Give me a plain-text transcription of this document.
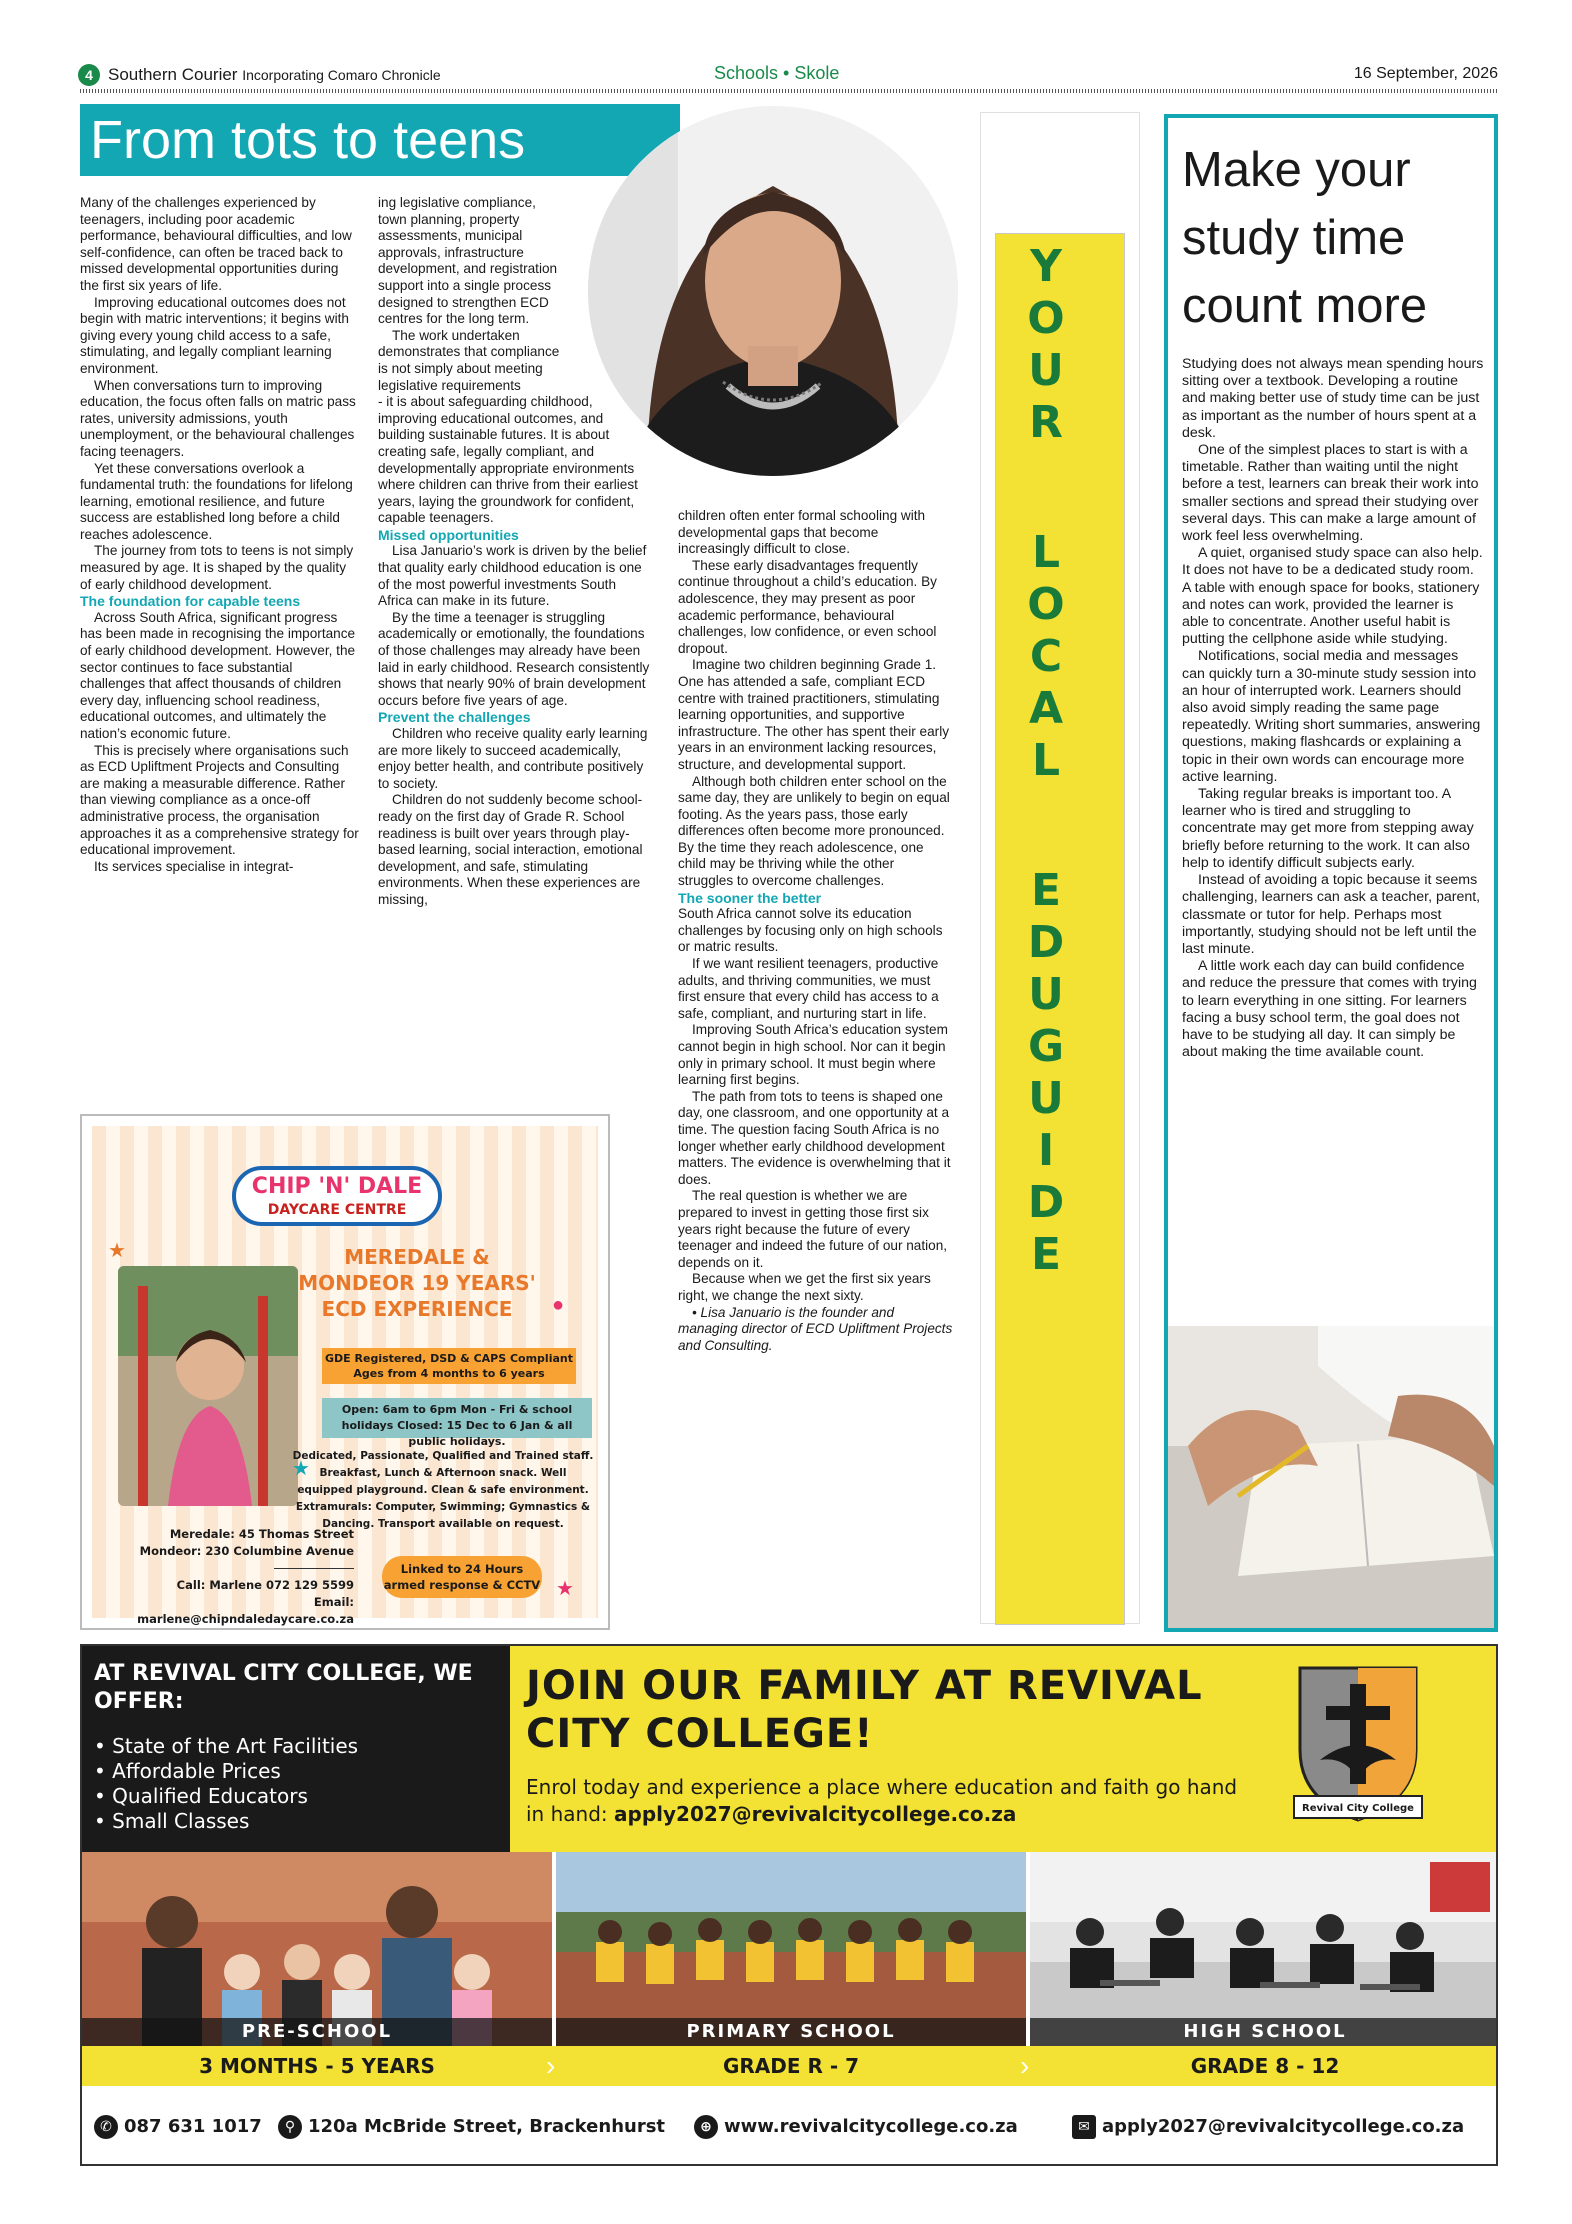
4 Southern Courier Incorporating Comaro Chronicle	Schools • Skole	16 September, 2026
From tots to teens

Many of the challenges experienced by teenagers, including poor academic performance, behavioural difficulties, and low self-confidence, can often be traced back to missed developmental opportunities during the first six years of life.

Improving educational outcomes does not begin with matric interventions; it begins with giving every young child access to a safe, stimulating, and legally compliant learning environment.

When conversations turn to improving education, the focus often falls on matric pass rates, university admissions, youth unemployment, or the behavioural challenges facing teenagers.

Yet these conversations overlook a fundamental truth: the foundations for lifelong learning, emotional resilience, and future success are established long before a child reaches adolescence.

The journey from tots to teens is not simply measured by age. It is shaped by the quality of early childhood development.

The foundation for capable teens

Across South Africa, significant progress has been made in recognising the importance of early childhood development. However, the sector continues to face substantial challenges that affect thousands of children every day, influencing school readiness, educational outcomes, and ultimately the nation’s economic future.

This is precisely where organisations such as ECD Upliftment Projects and Consulting are making a measurable difference. Rather than viewing compliance as a once-off administrative process, the organisation approaches it as a comprehensive strategy for educational improvement.

Its services specialise in integrat-

ing legislative compliance, town planning, property assessments, municipal approvals, infrastructure development, and registration support into a single process designed to strengthen ECD centres for the long term.

The work undertaken demonstrates that compliance is not simply about meeting legislative requirements

- it is about safeguarding childhood, improving educational outcomes, and building sustainable futures. It is about creating safe, legally compliant, and developmentally appropriate environments where children can thrive from their earliest years, laying the groundwork for confident, capable teenagers.

Missed opportunities

Lisa Januario’s work is driven by the belief that quality early childhood education is one of the most powerful investments South Africa can make in its future.

By the time a teenager is struggling academically or emotionally, the foundations of those challenges may already have been laid in early childhood. Research consistently shows that nearly 90% of brain development occurs before five years of age.

Prevent the challenges

Children who receive quality early learning are more likely to succeed academically, enjoy better health, and contribute positively to society.

Children do not suddenly become school-ready on the first day of Grade R. School readiness is built over years through play-based learning, social interaction, emotional development, and safe, stimulating environments. When these experiences are missing,

children often enter formal schooling with developmental gaps that become increasingly difficult to close.

These early disadvantages frequently continue throughout a child’s education. By adolescence, they may present as poor academic performance, behavioural challenges, low confidence, or even school dropout.

Imagine two children beginning Grade 1. One has attended a safe, compliant ECD centre with trained practitioners, stimulating learning opportunities, and supportive infrastructure. The other has spent their early years in an environment lacking resources, structure, and developmental support.

Although both children enter school on the same day, they are unlikely to begin on equal footing. As the years pass, those early differences often become more pronounced. By the time they reach adolescence, one child may be thriving while the other struggles to overcome challenges.

The sooner the better

South Africa cannot solve its education challenges by focusing only on high schools or matric results.

If we want resilient teenagers, productive adults, and thriving communities, we must first ensure that every child has access to a safe, compliant, and nurturing start in life.

Improving South Africa’s education system cannot begin in high school. Nor can it begin only in primary school. It must begin where learning first begins.

The path from tots to teens is shaped one day, one classroom, and one opportunity at a time. The question facing South Africa is no longer whether early childhood development matters. The evidence is overwhelming that it does.

The real question is whether we are prepared to invest in getting those first six years right because the future of every teenager and indeed the future of our nation, depends on it.

Because when we get the first six years right, we change the next sixty.

• Lisa Januario is the founder and managing director of ECD Upliftment Projects and Consulting.

Y
O
U
R
L
O
C
A
L
E
D
U
G
U
I
D
E
Make your study time count more

Studying does not always mean spending hours sitting over a textbook. Developing a routine and making better use of study time can be just as important as the number of hours spent at a desk.

One of the simplest places to start is with a timetable. Rather than waiting until the night before a test, learners can break their work into smaller sections and spread their studying over several days. This can make a large amount of work feel less overwhelming.

A quiet, organised study space can also help. It does not have to be a dedicated study room. A table with enough space for books, stationery and notes can work, provided the learner is able to concentrate. Another useful habit is putting the cellphone aside while studying.

Notifications, social media and messages can quickly turn a 30-minute study session into an hour of interrupted work. Learners should also avoid simply reading the same page repeatedly. Writing short summaries, answering questions, making flashcards or explaining a topic in their own words can encourage more active learning.

Taking regular breaks is important too. A learner who is tired and struggling to concentrate may get more from stepping away briefly before returning to the work. It can also help to identify difficult subjects early.

Instead of avoiding a topic because it seems challenging, learners can ask a teacher, parent, classmate or tutor for help. Perhaps most importantly, studying should not be left until the last minute.

A little work each day can build confidence and reduce the pressure that comes with trying to learn everything in one sitting. For learners facing a busy school term, the goal does not have to be studying all day. It can simply be about making the time available count.

CHIP 'N' DALE
DAYCARE CENTRE
MEREDALE & MONDEOR 19 YEARS' ECD EXPERIENCE
GDE Registered, DSD & CAPS Compliant Ages from 4 months to 6 years
Open: 6am to 6pm Mon - Fri & school holidays Closed: 15 Dec to 6 Jan & all public holidays.
Dedicated, Passionate, Qualified and Trained staff. Breakfast, Lunch & Afternoon snack. Well equipped playground. Clean & safe environment. Extramurals: Computer, Swimming; Gymnastics & Dancing. Transport available on request.
Meredale: 45 Thomas Street
Mondeor: 230 Columbine Avenue
Call: Marlene 072 129 5599
Email: marlene@chipndaledaycare.co.za
Linked to 24 Hours armed response & CCTV
★
★
★
●
AT REVIVAL CITY COLLEGE, WE OFFER:
• State of the Art Facilities
• Affordable Prices
• Qualified Educators
• Small Classes
JOIN OUR FAMILY AT REVIVAL CITY COLLEGE!
Enrol today and experience a place where education and faith go hand in hand: apply2027@revivalcitycollege.co.za	Revival City College
PRE-SCHOOL	PRIMARY SCHOOL	HIGH SCHOOL
3 MONTHS - 5 YEARS	›	GRADE R - 7	›	GRADE 8 - 12
✆ 087 631 1017	⚲ 120a McBride Street, Brackenhurst	⊕ www.revivalcitycollege.co.za	✉ apply2027@revivalcitycollege.co.za
